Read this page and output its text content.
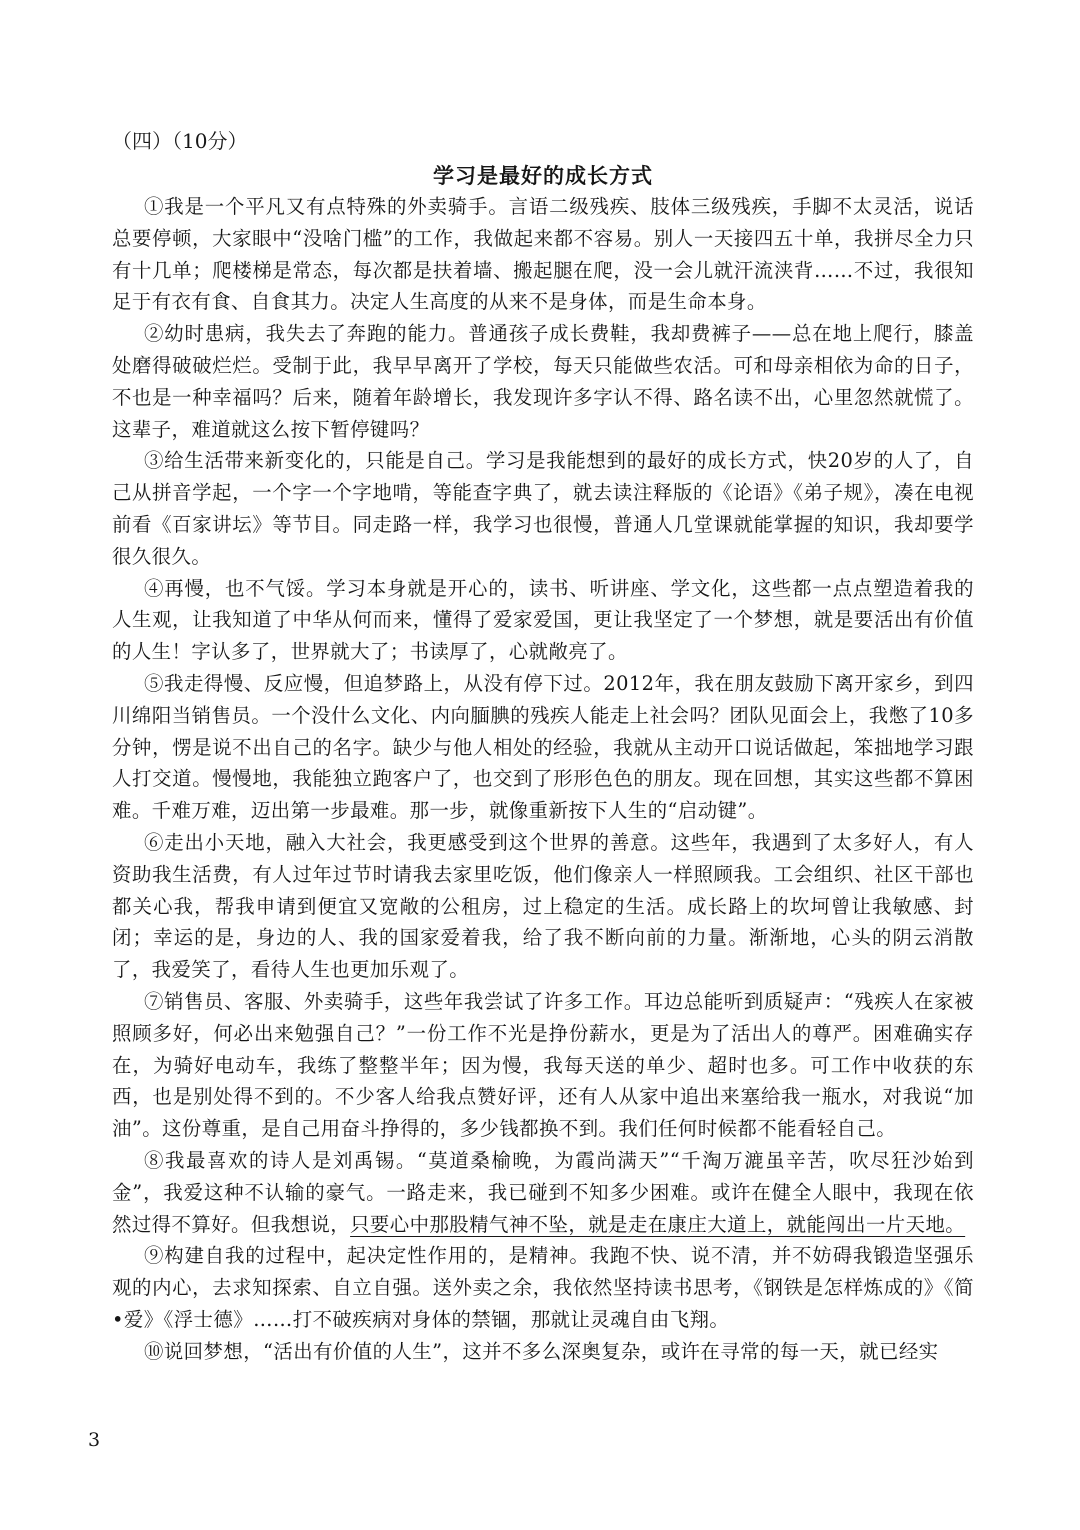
（四）（10分）
学习是最好的成长方式

①我是一个平凡又有点特殊的外卖骑手。言语二级残疾、肢体三级残疾，手脚不太灵活，说话总要停顿，大家眼中“没啥门槛”的工作，我做起来都不容易。别人一天接四五十单，我拼尽全力只有十几单；爬楼梯是常态，每次都是扶着墙、搬起腿在爬，没一会儿就汗流浃背……不过，我很知足于有衣有食、自食其力。决定人生高度的从来不是身体，而是生命本身。

②幼时患病，我失去了奔跑的能力。普通孩子成长费鞋，我却费裤子——总在地上爬行，膝盖处磨得破破烂烂。受制于此，我早早离开了学校，每天只能做些农活。可和母亲相依为命的日子，不也是一种幸福吗？后来，随着年龄增长，我发现许多字认不得、路名读不出，心里忽然就慌了。这辈子，难道就这么按下暂停键吗？

③给生活带来新变化的，只能是自己。学习是我能想到的最好的成长方式，快20岁的人了，自己从拼音学起，一个字一个字地啃，等能查字典了，就去读注释版的《论语》《弟子规》，凑在电视前看《百家讲坛》等节目。同走路一样，我学习也很慢，普通人几堂课就能掌握的知识，我却要学很久很久。

④再慢，也不气馁。学习本身就是开心的，读书、听讲座、学文化，这些都一点点塑造着我的人生观，让我知道了中华从何而来，懂得了爱家爱国，更让我坚定了一个梦想，就是要活出有价值的人生！字认多了，世界就大了；书读厚了，心就敞亮了。

⑤我走得慢、反应慢，但追梦路上，从没有停下过。2012年，我在朋友鼓励下离开家乡，到四川绵阳当销售员。一个没什么文化、内向腼腆的残疾人能走上社会吗？团队见面会上，我憋了10多分钟，愣是说不出自己的名字。缺少与他人相处的经验，我就从主动开口说话做起，笨拙地学习跟人打交道。慢慢地，我能独立跑客户了，也交到了形形色色的朋友。现在回想，其实这些都不算困难。千难万难，迈出第一步最难。那一步，就像重新按下人生的“启动键”。

⑥走出小天地，融入大社会，我更感受到这个世界的善意。这些年，我遇到了太多好人，有人资助我生活费，有人过年过节时请我去家里吃饭，他们像亲人一样照顾我。工会组织、社区干部也都关心我，帮我申请到便宜又宽敞的公租房，过上稳定的生活。成长路上的坎坷曾让我敏感、封闭；幸运的是，身边的人、我的国家爱着我，给了我不断向前的力量。渐渐地，心头的阴云消散了，我爱笑了，看待人生也更加乐观了。

⑦销售员、客服、外卖骑手，这些年我尝试了许多工作。耳边总能听到质疑声：“残疾人在家被照顾多好，何必出来勉强自己？”一份工作不光是挣份薪水，更是为了活出人的尊严。困难确实存在，为骑好电动车，我练了整整半年；因为慢，我每天送的单少、超时也多。可工作中收获的东西，也是别处得不到的。不少客人给我点赞好评，还有人从家中追出来塞给我一瓶水，对我说“加油”。这份尊重，是自己用奋斗挣得的，多少钱都换不到。我们任何时候都不能看轻自己。

⑧我最喜欢的诗人是刘禹锡。“莫道桑榆晚，为霞尚满天”“千淘万漉虽辛苦，吹尽狂沙始到金”，我爱这种不认输的豪气。一路走来，我已碰到不知多少困难。或许在健全人眼中，我现在依然过得不算好。但我想说，只要心中那股精气神不坠，就是走在康庄大道上，就能闯出一片天地。

⑨构建自我的过程中，起决定性作用的，是精神。我跑不快、说不清，并不妨碍我锻造坚强乐观的内心，去求知探索、自立自强。送外卖之余，我依然坚持读书思考，《钢铁是怎样炼成的》《简•爱》《浮士德》……打不破疾病对身体的禁锢，那就让灵魂自由飞翔。

⑩说回梦想，“活出有价值的人生”，这并不多么深奥复杂，或许在寻常的每一天，就已经实

3
